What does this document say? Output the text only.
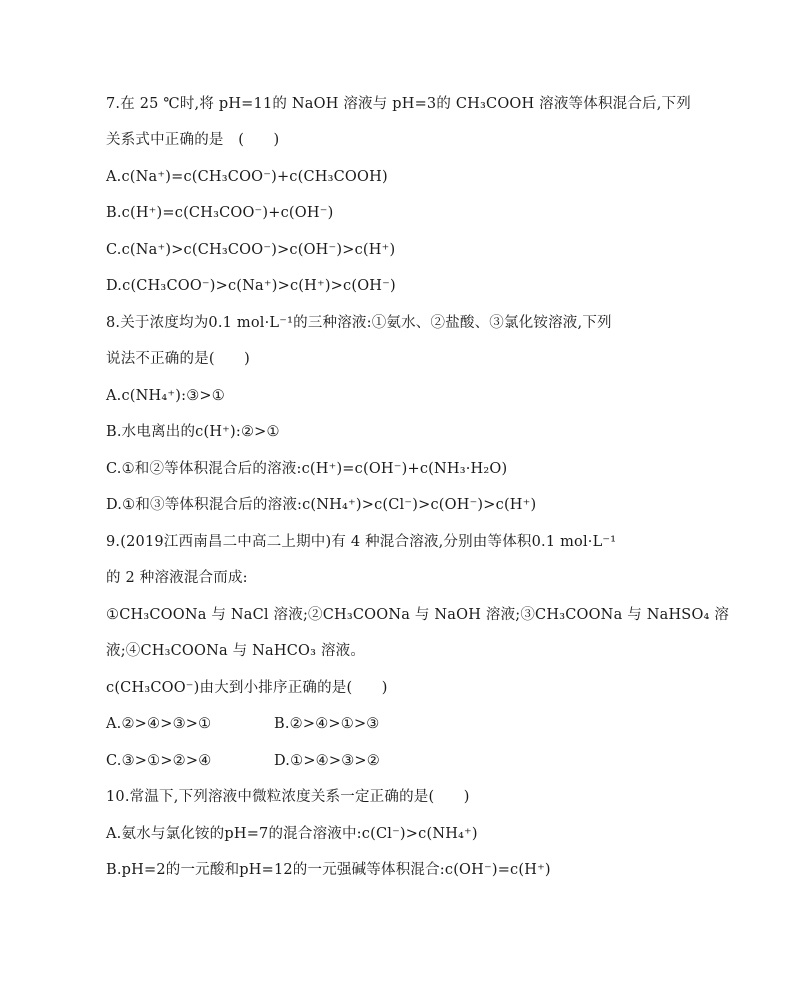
7.在 25 ℃时,将 pH=11的 NaOH 溶液与 pH=3的 CH₃COOH 溶液等体积混合后,下列
关系式中正确的是　(　　)
A.c(Na⁺)=c(CH₃COO⁻)+c(CH₃COOH)
B.c(H⁺)=c(CH₃COO⁻)+c(OH⁻)
C.c(Na⁺)>c(CH₃COO⁻)>c(OH⁻)>c(H⁺)
D.c(CH₃COO⁻)>c(Na⁺)>c(H⁺)>c(OH⁻)
8.关于浓度均为0.1 mol·L⁻¹的三种溶液:①氨水、②盐酸、③氯化铵溶液,下列
说法不正确的是(　　)
A.c(NH₄⁺):③>①
B.水电离出的c(H⁺):②>①
C.①和②等体积混合后的溶液:c(H⁺)=c(OH⁻)+c(NH₃·H₂O)
D.①和③等体积混合后的溶液:c(NH₄⁺)>c(Cl⁻)>c(OH⁻)>c(H⁺)
9.(2019江西南昌二中高二上期中)有 4 种混合溶液,分别由等体积0.1 mol·L⁻¹
的 2 种溶液混合而成:
①CH₃COONa 与 NaCl 溶液;②CH₃COONa 与 NaOH 溶液;③CH₃COONa 与 NaHSO₄ 溶
液;④CH₃COONa 与 NaHCO₃ 溶液。
c(CH₃COO⁻)由大到小排序正确的是(　　)
A.②>④>③>①	B.②>④>①>③
C.③>①>②>④	D.①>④>③>②
10.常温下,下列溶液中微粒浓度关系一定正确的是(　　)
A.氨水与氯化铵的pH=7的混合溶液中:c(Cl⁻)>c(NH₄⁺)
B.pH=2的一元酸和pH=12的一元强碱等体积混合:c(OH⁻)=c(H⁺)
